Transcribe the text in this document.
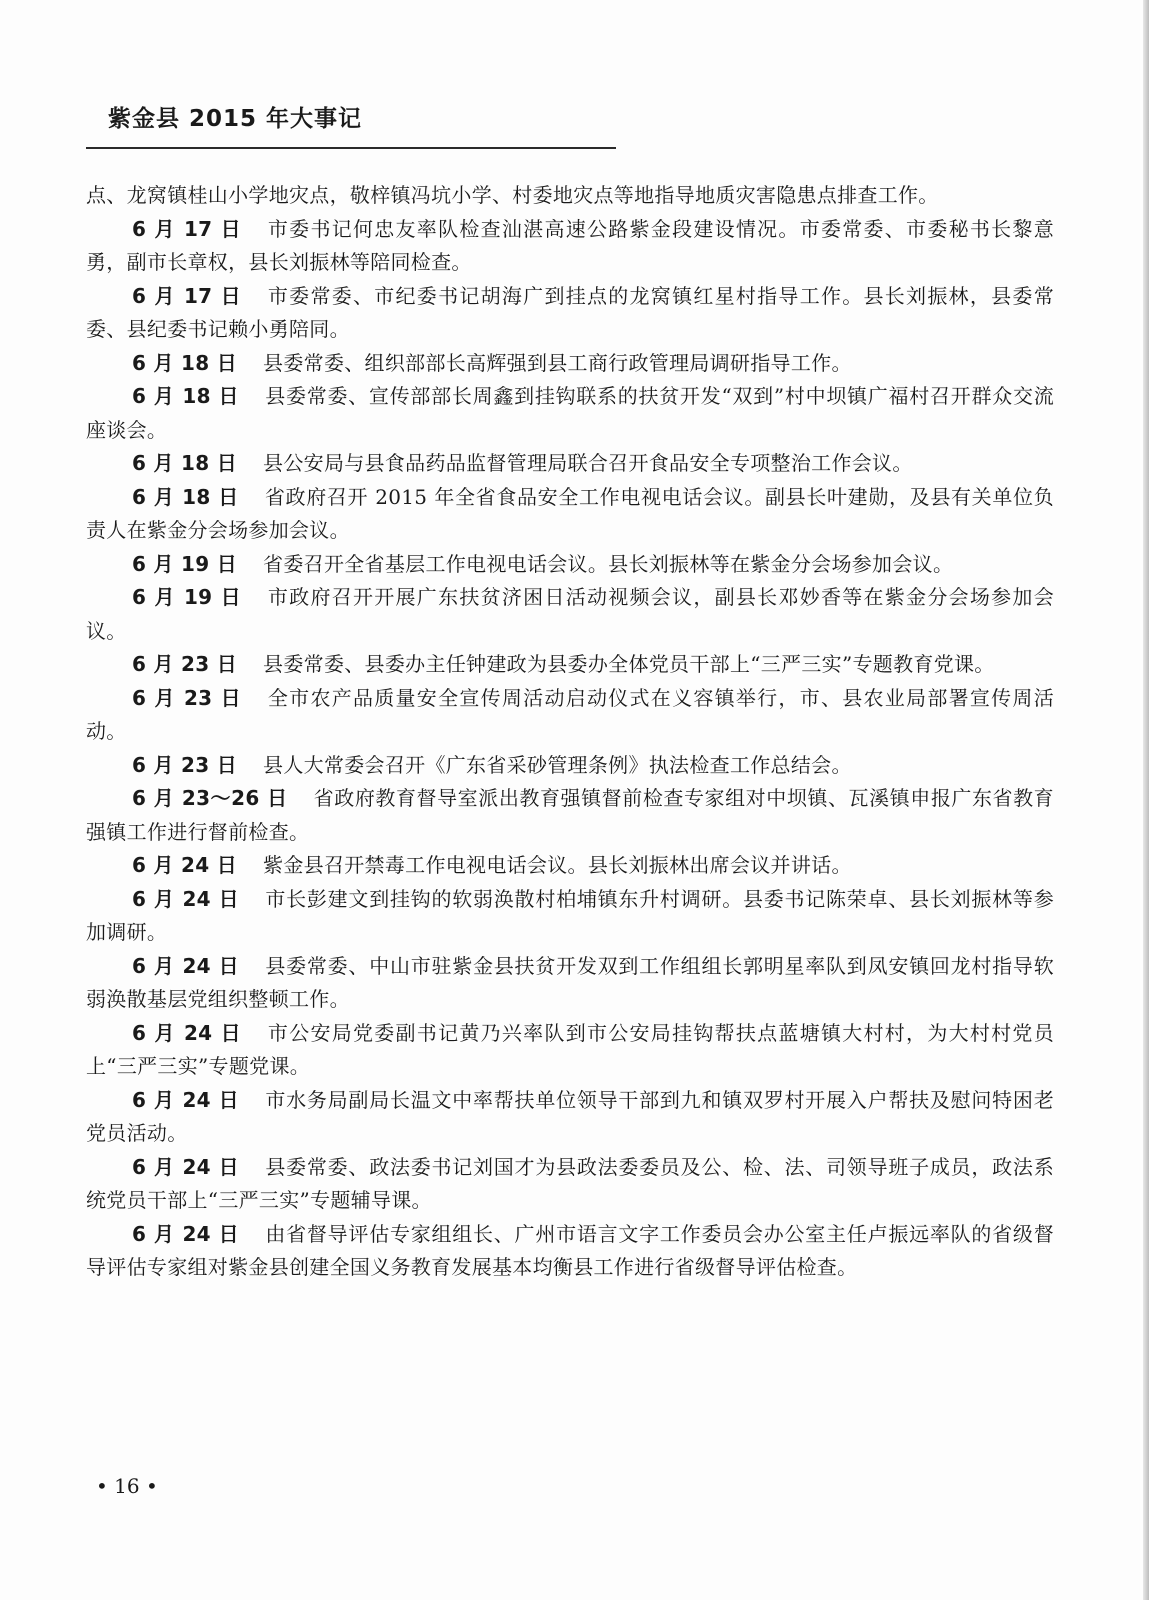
紫金县 2015 年大事记

点、龙窝镇桂山小学地灾点，敬梓镇冯坑小学、村委地灾点等地指导地质灾害隐患点排查工作。

6 月 17 日 市委书记何忠友率队检查汕湛高速公路紫金段建设情况。市委常委、市委秘书长黎意勇，副市长章权，县长刘振林等陪同检查。

6 月 17 日 市委常委、市纪委书记胡海广到挂点的龙窝镇红星村指导工作。县长刘振林，县委常委、县纪委书记赖小勇陪同。

6 月 18 日 县委常委、组织部部长高辉强到县工商行政管理局调研指导工作。

6 月 18 日 县委常委、宣传部部长周鑫到挂钩联系的扶贫开发“双到”村中坝镇广福村召开群众交流座谈会。

6 月 18 日 县公安局与县食品药品监督管理局联合召开食品安全专项整治工作会议。

6 月 18 日 省政府召开 2015 年全省食品安全工作电视电话会议。副县长叶建勋，及县有关单位负责人在紫金分会场参加会议。

6 月 19 日 省委召开全省基层工作电视电话会议。县长刘振林等在紫金分会场参加会议。

6 月 19 日 市政府召开开展广东扶贫济困日活动视频会议，副县长邓妙香等在紫金分会场参加会议。

6 月 23 日 县委常委、县委办主任钟建政为县委办全体党员干部上“三严三实”专题教育党课。

6 月 23 日 全市农产品质量安全宣传周活动启动仪式在义容镇举行，市、县农业局部署宣传周活动。

6 月 23 日 县人大常委会召开《广东省采砂管理条例》执法检查工作总结会。

6 月 23～26 日 省政府教育督导室派出教育强镇督前检查专家组对中坝镇、瓦溪镇申报广东省教育强镇工作进行督前检查。

6 月 24 日 紫金县召开禁毒工作电视电话会议。县长刘振林出席会议并讲话。

6 月 24 日 市长彭建文到挂钩的软弱涣散村柏埔镇东升村调研。县委书记陈荣卓、县长刘振林等参加调研。

6 月 24 日 县委常委、中山市驻紫金县扶贫开发双到工作组组长郭明星率队到凤安镇回龙村指导软弱涣散基层党组织整顿工作。

6 月 24 日 市公安局党委副书记黄乃兴率队到市公安局挂钩帮扶点蓝塘镇大村村，为大村村党员上“三严三实”专题党课。

6 月 24 日 市水务局副局长温文中率帮扶单位领导干部到九和镇双罗村开展入户帮扶及慰问特困老党员活动。

6 月 24 日 县委常委、政法委书记刘国才为县政法委委员及公、检、法、司领导班子成员，政法系统党员干部上“三严三实”专题辅导课。

6 月 24 日 由省督导评估专家组组长、广州市语言文字工作委员会办公室主任卢振远率队的省级督导评估专家组对紫金县创建全国义务教育发展基本均衡县工作进行省级督导评估检查。

• 16 •
